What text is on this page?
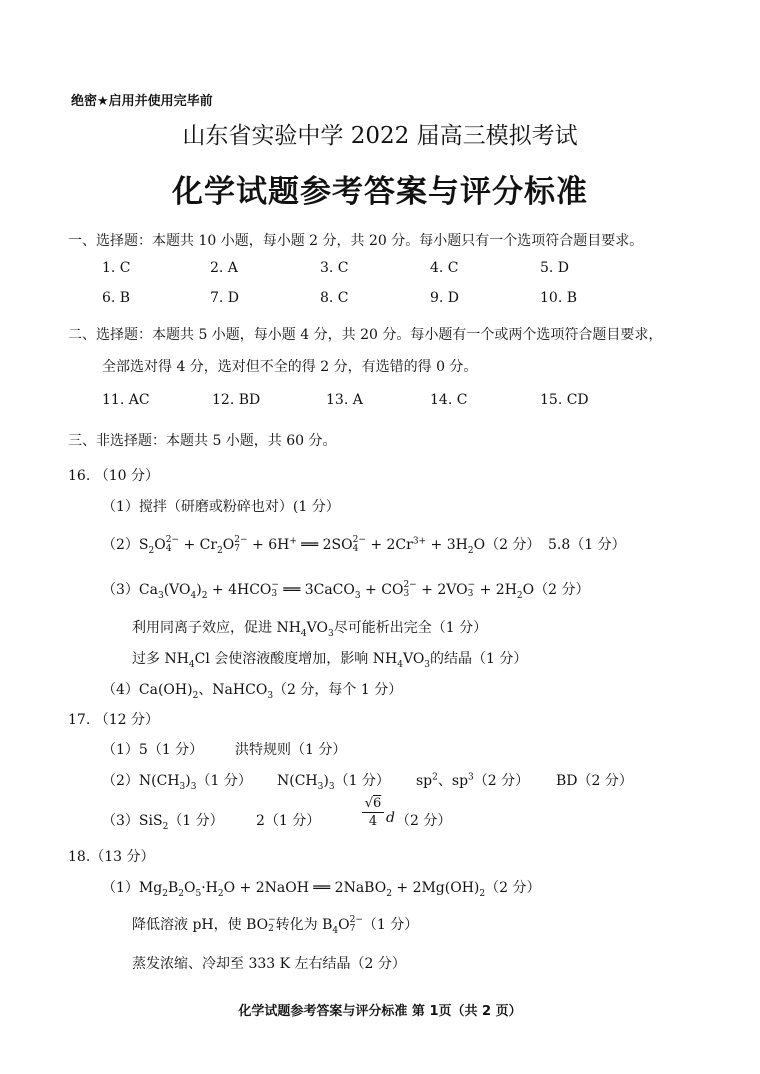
绝密★启用并使用完毕前
山东省实验中学 2022 届高三模拟考试
化学试题参考答案与评分标准
一、选择题：本题共 10 小题，每小题 2 分，共 20 分。每小题只有一个选项符合题目要求。
1. C	2. A	3. C	4. C	5. D
6. B	7. D	8. C	9. D	10. B
二、选择题：本题共 5 小题，每小题 4 分，共 20 分。每小题有一个或两个选项符合题目要求，
全部选对得 4 分，选对但不全的得 2 分，有选错的得 0 分。
11. AC	12. BD	13. A	14. C	15. CD
三、非选择题：本题共 5 小题，共 60 分。
16. （10 分）
（1）搅拌（研磨或粉碎也对）(1 分）
$(2)S_2O$ 2−
$4 + Cr_2O$ 2−
7 + 6H+ ══ 2SO 2−
$4 + 2Cr^{3+} + 3H_2O(2$ 分） 5.8（1 分）
$(3)Ca_3(VO_4)_2 + 4HCO$ −
3 ══ 3CaCO$_3$ + CO 2−
3 + 2VO −
$3 + 2H_2O(2$ 分）
利用同离子效应，促进 $NH_4VO_3$尽可能析出完全（1 分）
过多 $NH_4Cl$ 会使溶液酸度增加，影响 $NH_4VO_3$的结晶（1 分）
$(4)Ca(OH)_2$、NaHCO$_3$（2 分，每个 1 分）
17. （12 分）
（1）5（1 分） 洪特规则（1 分）
$(2)N(CH_3)_3(1$ 分） $N(CH_3)_3(1$ 分） $sp^2$、$sp^3(2$ 分） BD（2 分）
（3）SiS$_2$（1 分） 2（1 分）	$\frac{√6}{4}$ d （2 分）
18.（13 分）
$(1)Mg_2B_2O_5\cdot H_2O$ + 2NaOH ══ 2NaBO$_2$ + $2Mg(OH)_2(2$ 分）
降低溶液 pH，使 BO −
2 转化为 $B_4O$ 2−
7 （1 分）
蒸发浓缩、冷却至 333 K 左右结晶（2 分）
化学试题参考答案与评分标准 第 1页（共 2 页）
